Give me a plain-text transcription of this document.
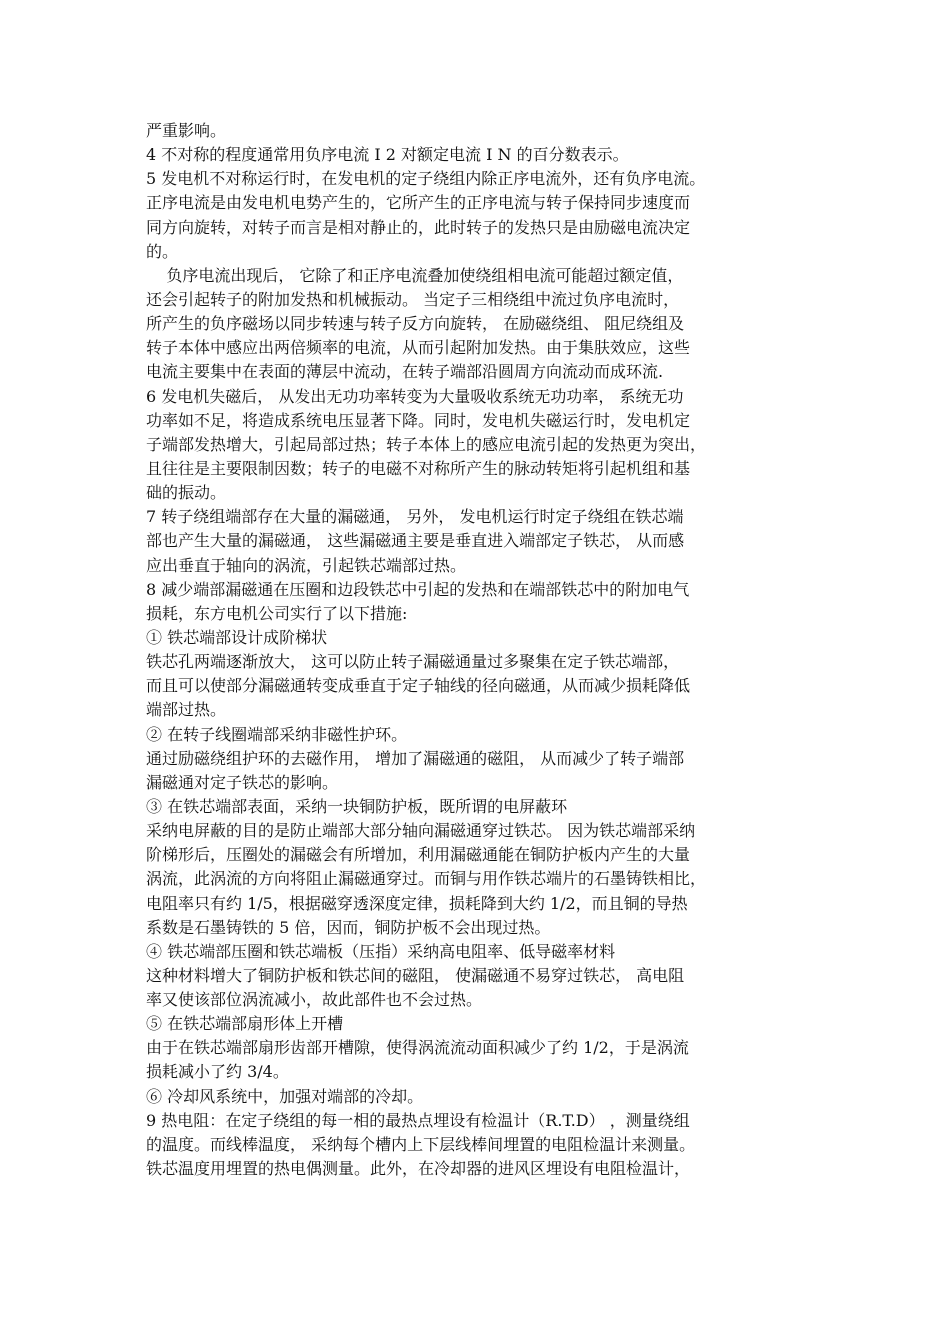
严重影响。
4 不对称的程度通常用负序电流 I 2 对额定电流 I N 的百分数表示。
5 发电机不对称运行时，在发电机的定子绕组内除正序电流外，还有负序电流。
正序电流是由发电机电势产生的，它所产生的正序电流与转子保持同步速度而
同方向旋转，对转子而言是相对静止的，此时转子的发热只是由励磁电流决定
的。
负序电流出现后， 它除了和正序电流叠加使绕组相电流可能超过额定值，
还会引起转子的附加发热和机械振动。 当定子三相绕组中流过负序电流时，
所产生的负序磁场以同步转速与转子反方向旋转， 在励磁绕组、 阻尼绕组及
转子本体中感应出两倍频率的电流，从而引起附加发热。由于集肤效应，这些
电流主要集中在表面的薄层中流动，在转子端部沿圆周方向流动而成环流.
6 发电机失磁后， 从发出无功功率转变为大量吸收系统无功功率， 系统无功
功率如不足，将造成系统电压显著下降。同时，发电机失磁运行时，发电机定
子端部发热增大，引起局部过热；转子本体上的感应电流引起的发热更为突出，
且往往是主要限制因数；转子的电磁不对称所产生的脉动转矩将引起机组和基
础的振动。
7 转子绕组端部存在大量的漏磁通， 另外， 发电机运行时定子绕组在铁芯端
部也产生大量的漏磁通， 这些漏磁通主要是垂直进入端部定子铁芯， 从而感
应出垂直于轴向的涡流，引起铁芯端部过热。
8 减少端部漏磁通在压圈和边段铁芯中引起的发热和在端部铁芯中的附加电气
损耗，东方电机公司实行了以下措施:
① 铁芯端部设计成阶梯状
铁芯孔两端逐渐放大， 这可以防止转子漏磁通量过多聚集在定子铁芯端部，
而且可以使部分漏磁通转变成垂直于定子轴线的径向磁通，从而减少损耗降低
端部过热。
② 在转子线圈端部采纳非磁性护环。
通过励磁绕组护环的去磁作用， 增加了漏磁通的磁阻， 从而减少了转子端部
漏磁通对定子铁芯的影响。
③ 在铁芯端部表面，采纳一块铜防护板，既所谓的电屏蔽环
采纳电屏蔽的目的是防止端部大部分轴向漏磁通穿过铁芯。 因为铁芯端部采纳
阶梯形后，压圈处的漏磁会有所增加，利用漏磁通能在铜防护板内产生的大量
涡流，此涡流的方向将阻止漏磁通穿过。而铜与用作铁芯端片的石墨铸铁相比，
电阻率只有约 1/5，根据磁穿透深度定律，损耗降到大约 1/2，而且铜的导热
系数是石墨铸铁的 5 倍，因而，铜防护板不会出现过热。
④ 铁芯端部压圈和铁芯端板（压指）采纳高电阻率、低导磁率材料
这种材料增大了铜防护板和铁芯间的磁阻， 使漏磁通不易穿过铁芯， 高电阻
率又使该部位涡流减小，故此部件也不会过热。
⑤ 在铁芯端部扇形体上开槽
由于在铁芯端部扇形齿部开槽隙，使得涡流流动面积减少了约 1/2，于是涡流
损耗减小了约 3/4。
⑥ 冷却风系统中，加强对端部的冷却。
9 热电阻：在定子绕组的每一相的最热点埋设有检温计（R.T.D） ，测量绕组
的温度。而线棒温度， 采纳每个槽内上下层线棒间埋置的电阻检温计来测量。
铁芯温度用埋置的热电偶测量。此外，在冷却器的进风区埋设有电阻检温计，
